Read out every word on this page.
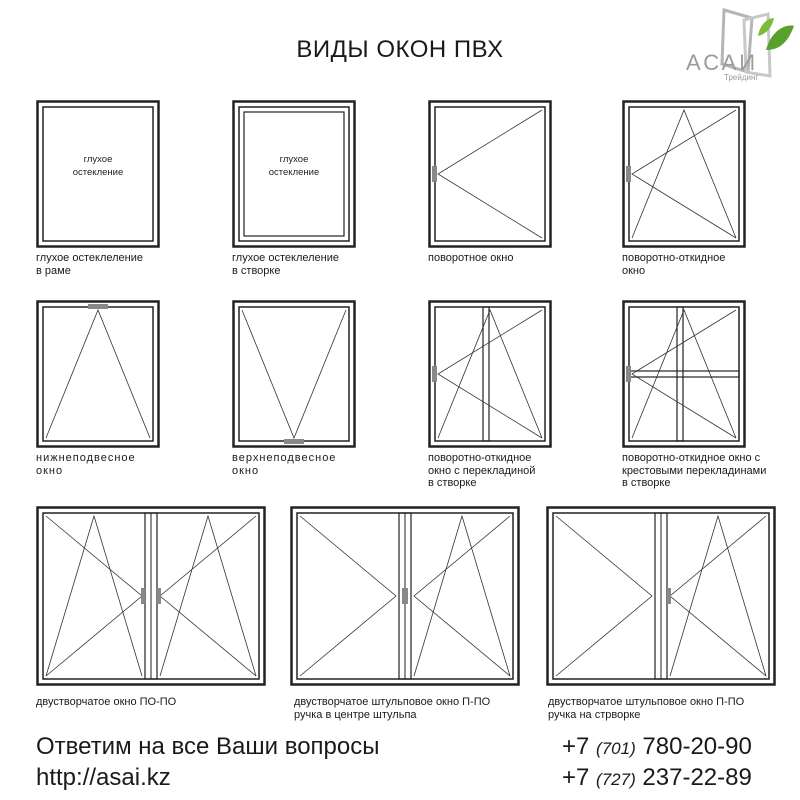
ВИДЫ ОКОН ПВХ	АСАИ
Трейдинг
глухое
остекление
глухое
остекление
глухое остеклеление
в раме
глухое остеклеление
в створке
поворотное окно	поворотно-откидное
окно
нижнеподвесное
окно
верхнеподвесное
окно
поворотно-откидное
окно с перекладиной
в створке
поворотно-откидное окно с
крестовыми перекладинами
в створке
двустворчатое окно ПО-ПО	двустворчатое штульповое окно П-ПО
ручка в центре штульпа
двустворчатое штульповое окно П-ПО
ручка на стрворке
Ответим на все Ваши вопросы
http://asai.kz
+7 (701) 780-20-90
+7 (727) 237-22-89
